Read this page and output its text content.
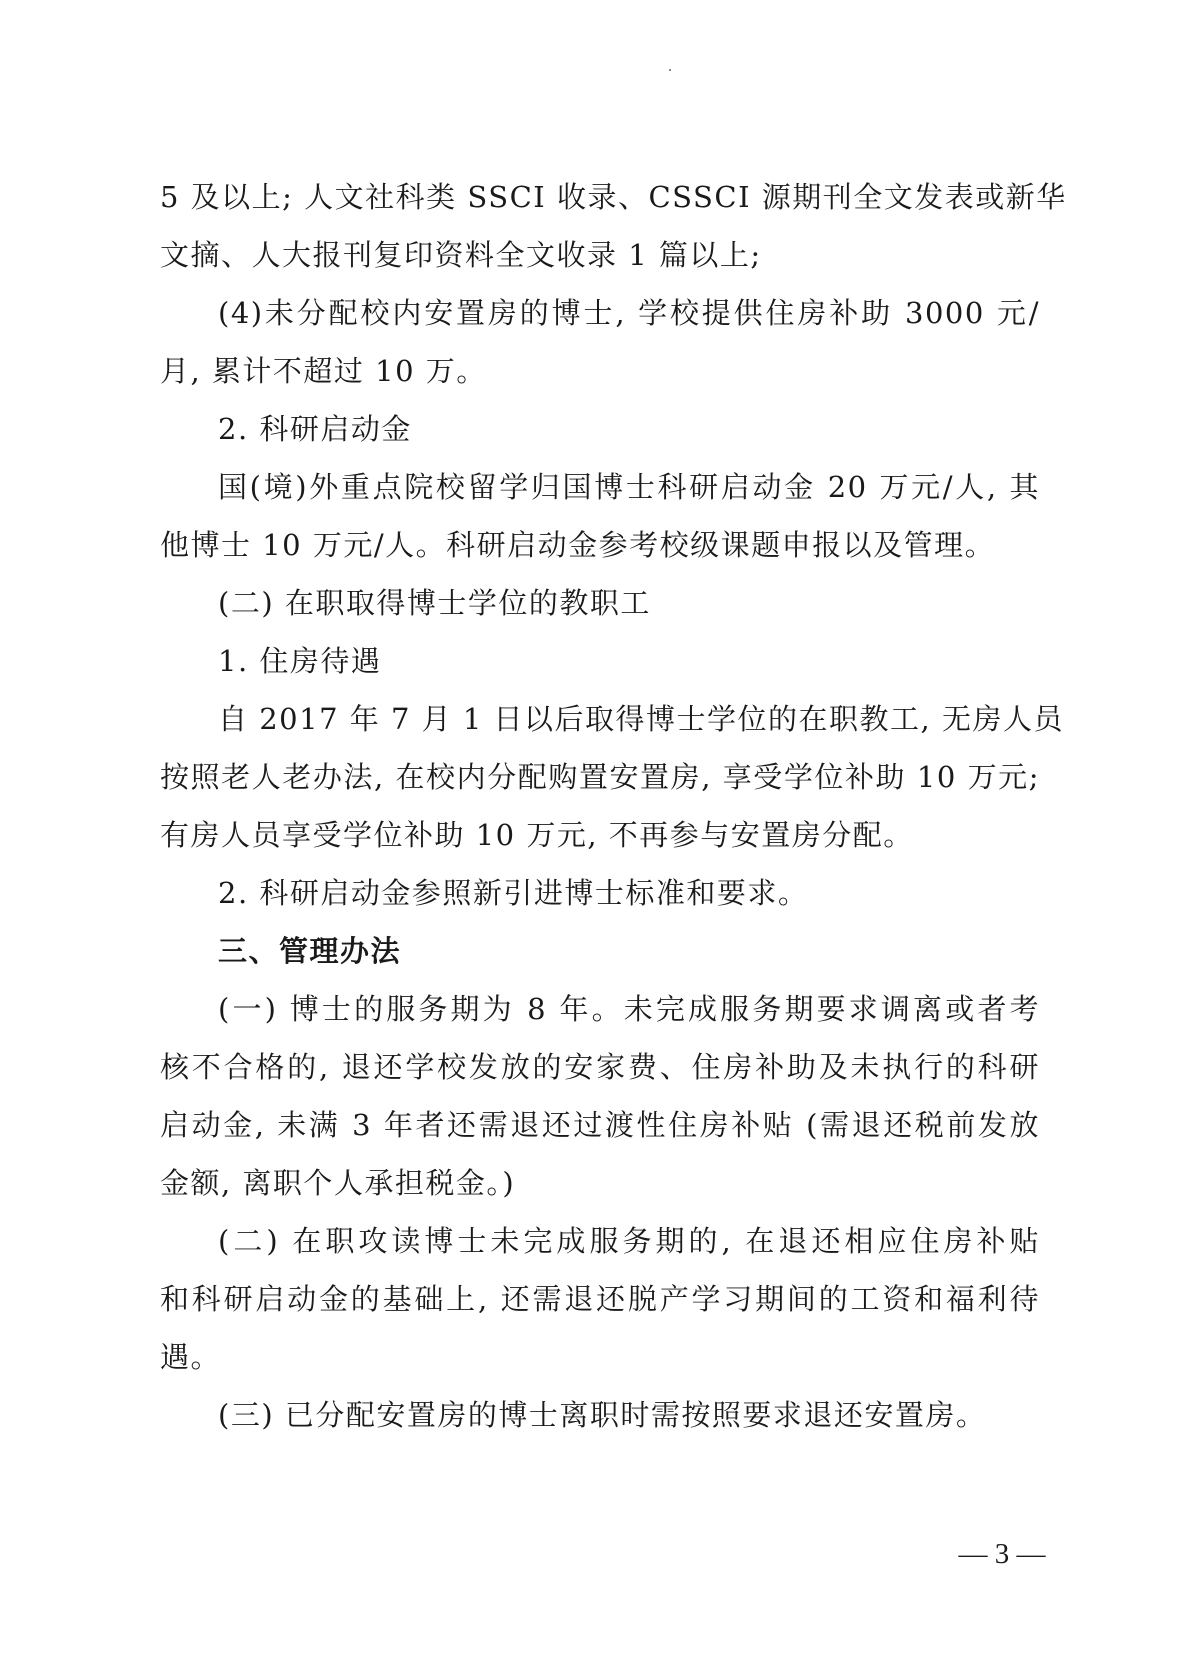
5 及以上; 人文社科类 SSCI 收录、CSSCI 源期刊全文发表或新华
文摘、人大报刊复印资料全文收录 1 篇以上;
(4)未分配校内安置房的博士, 学校提供住房补助 3000 元/
月, 累计不超过 10 万。
2. 科研启动金
国(境)外重点院校留学归国博士科研启动金 20 万元/人, 其
他博士 10 万元/人。科研启动金参考校级课题申报以及管理。
(二) 在职取得博士学位的教职工
1. 住房待遇
自 2017 年 7 月 1 日以后取得博士学位的在职教工, 无房人员
按照老人老办法, 在校内分配购置安置房, 享受学位补助 10 万元;
有房人员享受学位补助 10 万元, 不再参与安置房分配。
2. 科研启动金参照新引进博士标准和要求。
三、管理办法
(一) 博士的服务期为 8 年。未完成服务期要求调离或者考
核不合格的, 退还学校发放的安家费、住房补助及未执行的科研
启动金, 未满 3 年者还需退还过渡性住房补贴 (需退还税前发放
金额, 离职个人承担税金。)
(二) 在职攻读博士未完成服务期的, 在退还相应住房补贴
和科研启动金的基础上, 还需退还脱产学习期间的工资和福利待
遇。
(三) 已分配安置房的博士离职时需按照要求退还安置房。
— 3 —
